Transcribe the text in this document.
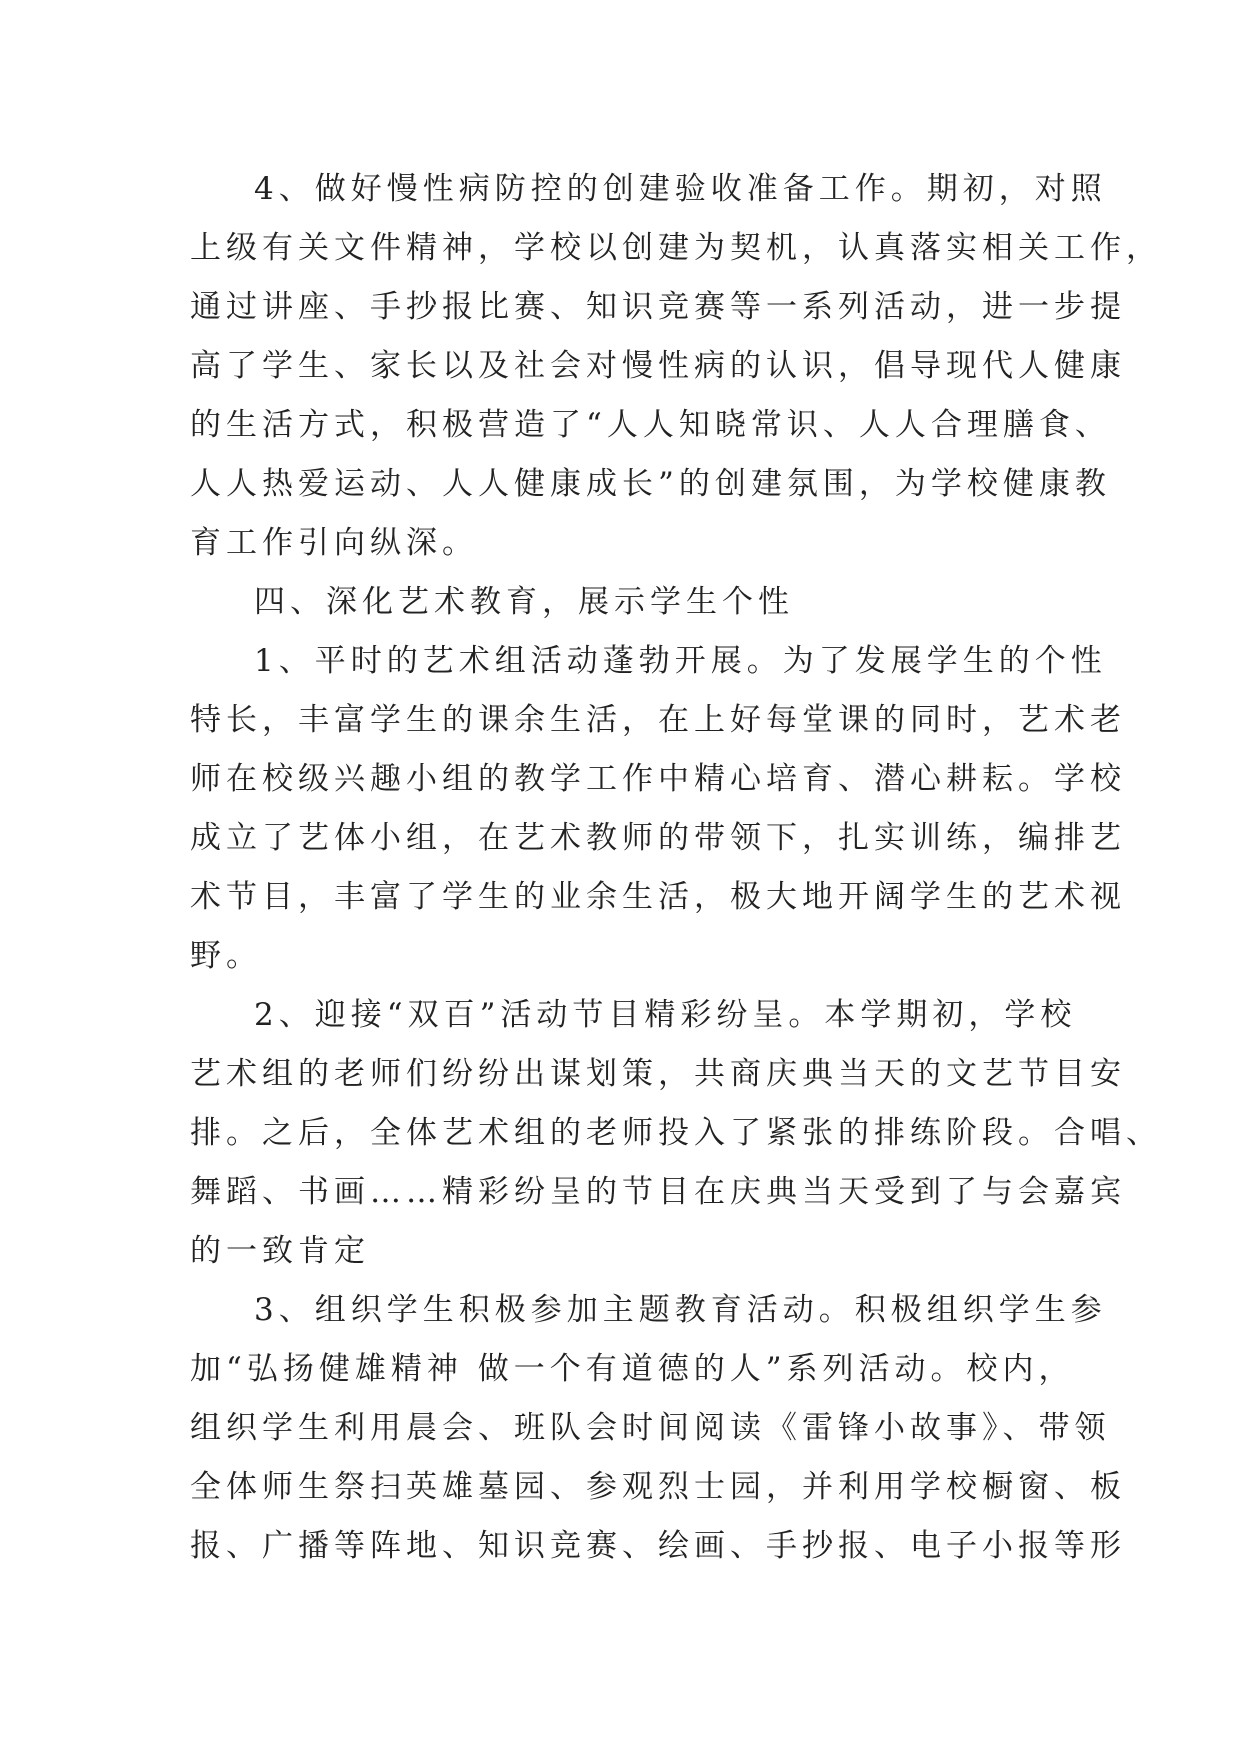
4、做好慢性病防控的创建验收准备工作。期初，对照
上级有关文件精神，学校以创建为契机，认真落实相关工作，
通过讲座、手抄报比赛、知识竞赛等一系列活动，进一步提
高了学生、家长以及社会对慢性病的认识，倡导现代人健康
的生活方式，积极营造了“人人知晓常识、人人合理膳食、
人人热爱运动、人人健康成长”的创建氛围，为学校健康教
育工作引向纵深。
四、深化艺术教育，展示学生个性
1、平时的艺术组活动蓬勃开展。为了发展学生的个性
特长，丰富学生的课余生活，在上好每堂课的同时，艺术老
师在校级兴趣小组的教学工作中精心培育、潜心耕耘。学校
成立了艺体小组，在艺术教师的带领下，扎实训练，编排艺
术节目，丰富了学生的业余生活，极大地开阔学生的艺术视
野。
2、迎接“双百”活动节目精彩纷呈。本学期初，学校
艺术组的老师们纷纷出谋划策，共商庆典当天的文艺节目安
排。之后，全体艺术组的老师投入了紧张的排练阶段。合唱、
舞蹈、书画……精彩纷呈的节目在庆典当天受到了与会嘉宾
的一致肯定
3、组织学生积极参加主题教育活动。积极组织学生参
加“弘扬健雄精神 做一个有道德的人”系列活动。校内，
组织学生利用晨会、班队会时间阅读《雷锋小故事》、带领
全体师生祭扫英雄墓园、参观烈士园，并利用学校橱窗、板
报、广播等阵地、知识竞赛、绘画、手抄报、电子小报等形
